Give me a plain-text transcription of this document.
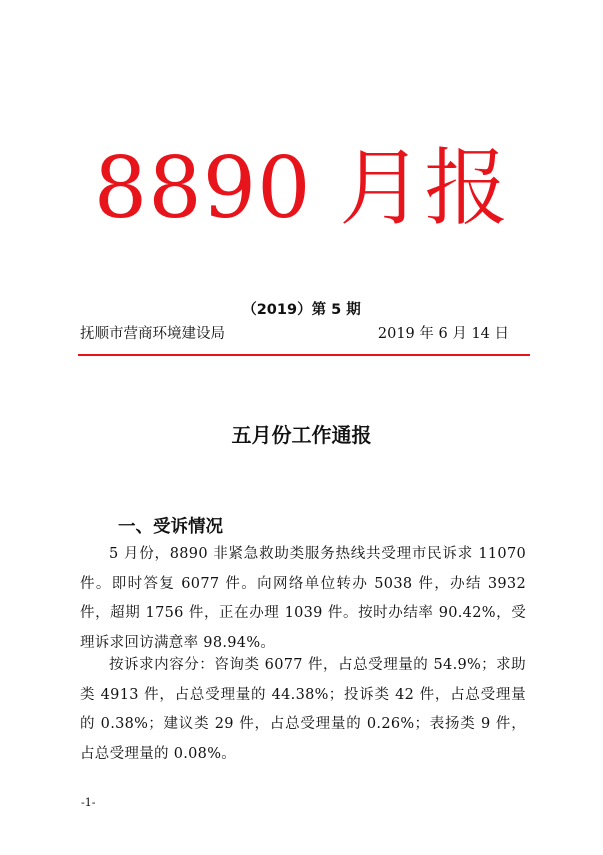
8890 月报
（2019）第 5 期
抚顺市营商环境建设局	2019 年 6 月 14 日
五月份工作通报
一、受诉情况

5 月份，8890 非紧急救助类服务热线共受理市民诉求 11070 件。即时答复 6077 件。向网络单位转办 5038 件，办结 3932 件，超期 1756 件，正在办理 1039 件。按时办结率 90.42%，受理诉求回访满意率 98.94%。

按诉求内容分：咨询类 6077 件，占总受理量的 54.9%；求助类 4913 件，占总受理量的 44.38%；投诉类 42 件，占总受理量的 0.38%；建议类 29 件，占总受理量的 0.26%；表扬类 9 件，占总受理量的 0.08%。

-1-
